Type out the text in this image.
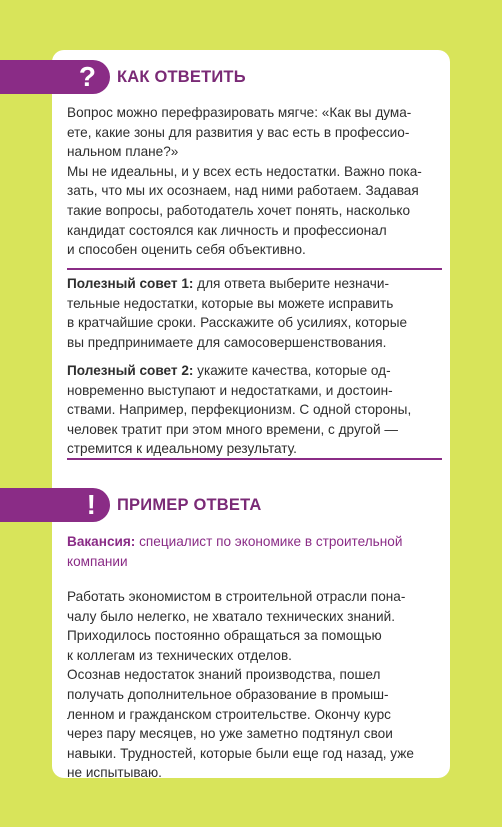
? КАК ОТВЕТИТЬ

Вопрос можно перефразировать мягче: «Как вы дума-

ете, какие зоны для развития у вас есть в профессио-

нальном плане?»

Мы не идеальны, и у всех есть недостатки. Важно пока-

зать, что мы их осознаем, над ними работаем. Задавая

такие вопросы, работодатель хочет понять, насколько

кандидат состоялся как личность и профессионал

и способен оценить себя объективно.

Полезный совет 1: для ответа выберите незначи-

тельные недостатки, которые вы можете исправить

в кратчайшие сроки. Расскажите об усилиях, которые

вы предпринимаете для самосовершенствования.

Полезный совет 2: укажите качества, которые од-

новременно выступают и недостатками, и достоин-

ствами. Например, перфекционизм. С одной стороны,

человек тратит при этом много времени, с другой —

стремится к идеальному результату.

! ПРИМЕР ОТВЕТА

Вакансия: специалист по экономике в строительной

компании

Работать экономистом в строительной отрасли пона-

чалу было нелегко, не хватало технических знаний.

Приходилось постоянно обращаться за помощью

к коллегам из технических отделов.

Осознав недостаток знаний производства, пошел

получать дополнительное образование в промыш-

ленном и гражданском строительстве. Окончу курс

через пару месяцев, но уже заметно подтянул свои

навыки. Трудностей, которые были еще год назад, уже

не испытываю.
